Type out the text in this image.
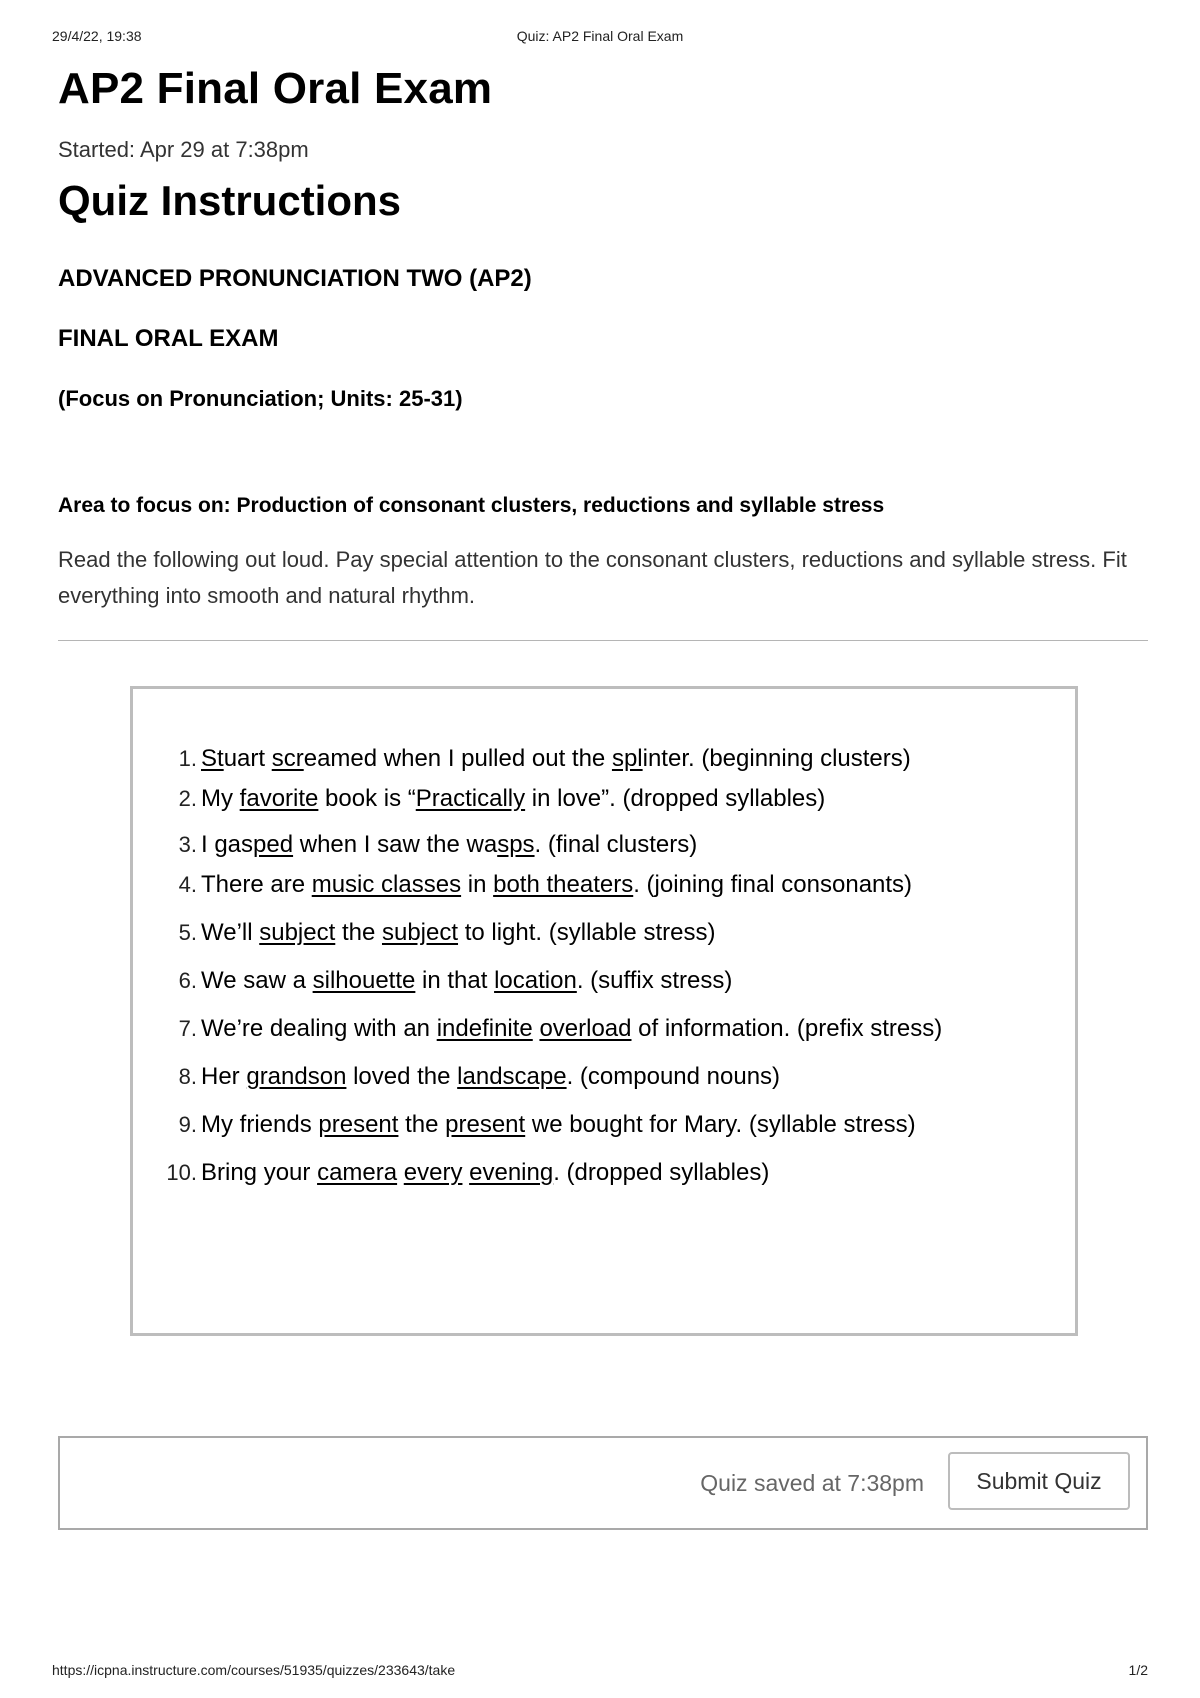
29/4/22, 19:38	Quiz: AP2 Final Oral Exam
AP2 Final Oral Exam
Started: Apr 29 at 7:38pm
Quiz Instructions
ADVANCED PRONUNCIATION TWO (AP2)
FINAL ORAL EXAM
(Focus on Pronunciation; Units: 25-31)
Area to focus on: Production of consonant clusters, reductions and syllable stress
Read the following out loud. Pay special attention to the consonant clusters, reductions and syllable stress. Fit everything into smooth and natural rhythm.
1. Stuart screamed when I pulled out the splinter. (beginning clusters)
2. My favorite book is “Practically in love”. (dropped syllables)
3. I gasped when I saw the wasps. (final clusters)
4. There are music classes in both theaters. (joining final consonants)
5. We’ll subject the subject to light. (syllable stress)
6. We saw a silhouette in that location. (suffix stress)
7. We’re dealing with an indefinite overload of information. (prefix stress)
8. Her grandson loved the landscape. (compound nouns)
9. My friends present the present we bought for Mary. (syllable stress)
10. Bring your camera every evening. (dropped syllables)
Quiz saved at 7:38pm	Submit Quiz
https://icpna.instructure.com/courses/51935/quizzes/233643/take	1/2
